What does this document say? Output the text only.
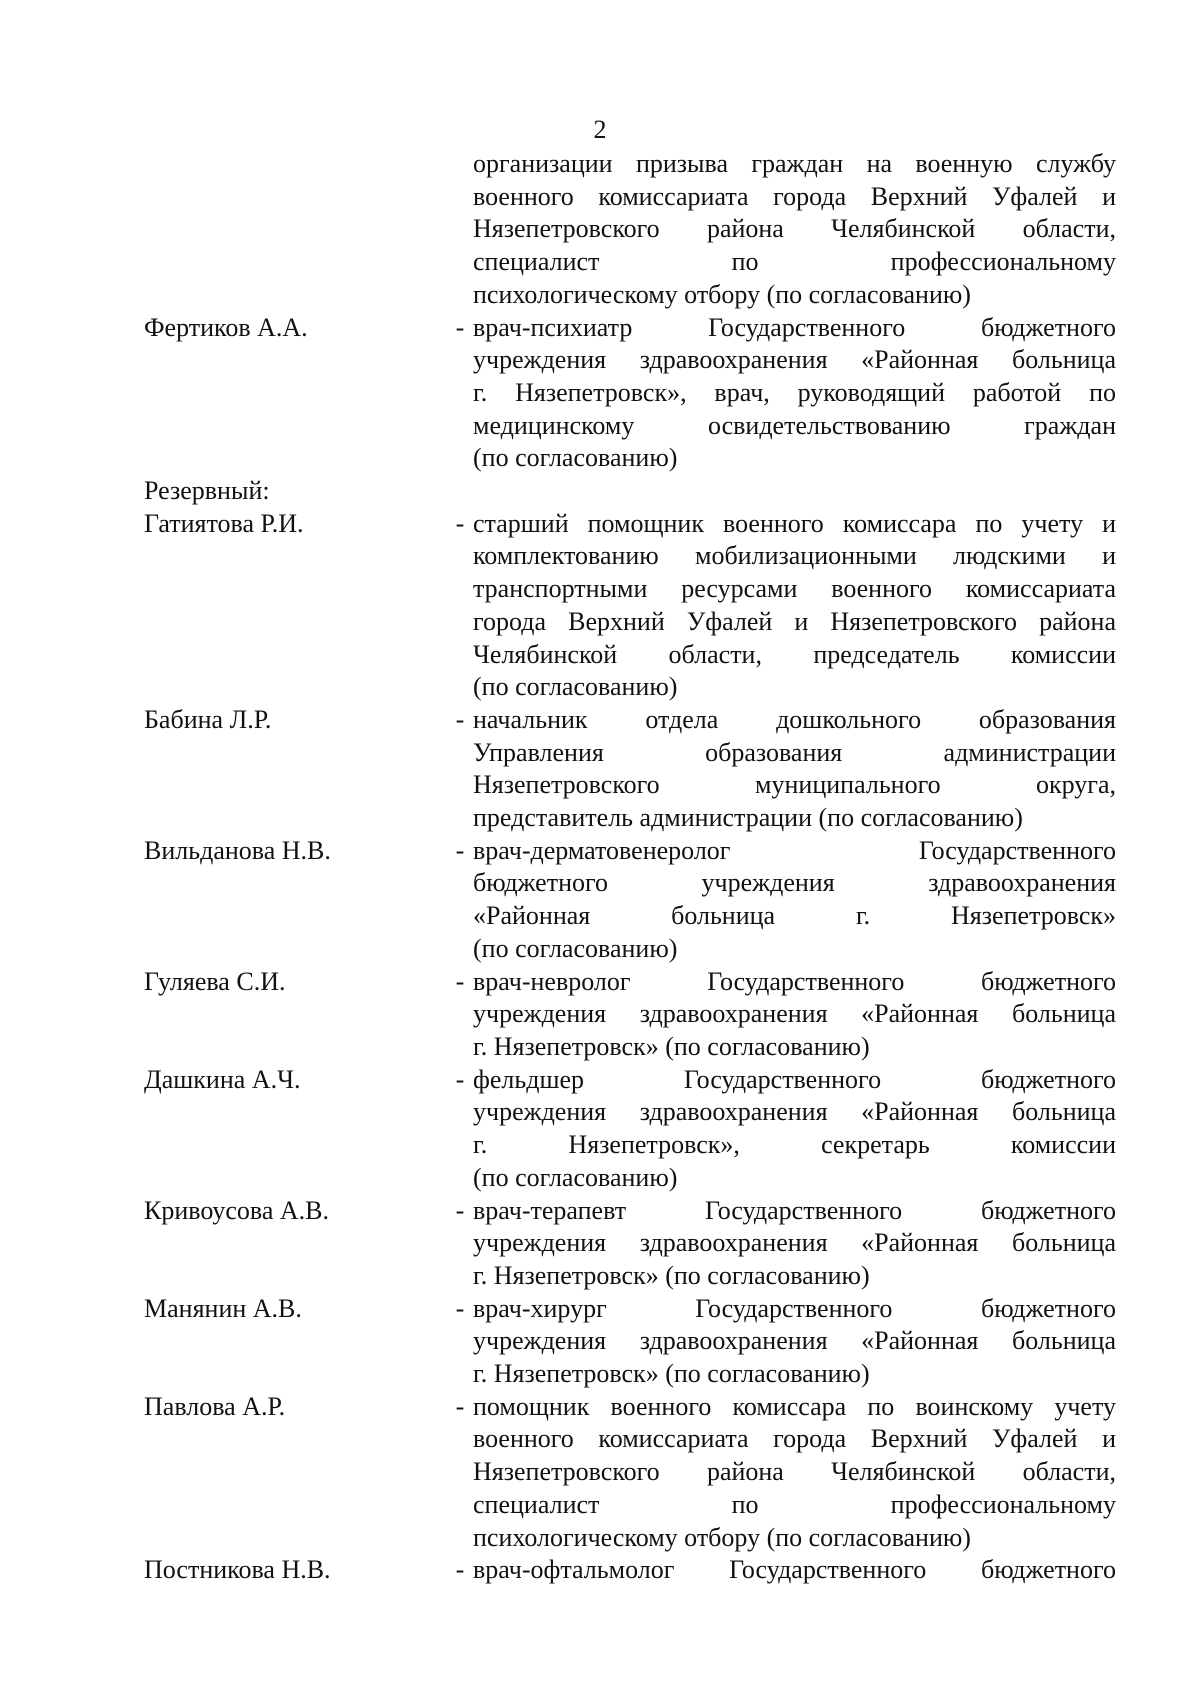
2
организации призыва граждан на военную службу
военного комиссариата города Верхний Уфалей и
Нязепетровского района Челябинской области,
специалист по профессиональному
психологическому отбору (по согласованию)
Фертиков А.А.	- врач-психиатр Государственного бюджетного
учреждения здравоохранения «Районная больница
г. Нязепетровск», врач, руководящий работой по
медицинскому освидетельствованию граждан
(по согласованию)
Резервный:
Гатиятова Р.И.	- старший помощник военного комиссара по учету и
комплектованию мобилизационными людскими и
транспортными ресурсами военного комиссариата
города Верхний Уфалей и Нязепетровского района
Челябинской области, председатель комиссии
(по согласованию)
Бабина Л.Р.	- начальник отдела дошкольного образования
Управления образования администрации
Нязепетровского муниципального округа,
представитель администрации (по согласованию)
Вильданова Н.В.	- врач-дерматовенеролог Государственного
бюджетного учреждения здравоохранения
«Районная больница г. Нязепетровск»
(по согласованию)
Гуляева С.И.	- врач-невролог Государственного бюджетного
учреждения здравоохранения «Районная больница
г. Нязепетровск» (по согласованию)
Дашкина А.Ч.	- фельдшер Государственного бюджетного
учреждения здравоохранения «Районная больница
г. Нязепетровск», секретарь комиссии
(по согласованию)
Кривоусова А.В.	- врач-терапевт Государственного бюджетного
учреждения здравоохранения «Районная больница
г. Нязепетровск» (по согласованию)
Манянин А.В.	- врач-хирург Государственного бюджетного
учреждения здравоохранения «Районная больница
г. Нязепетровск» (по согласованию)
Павлова А.Р.	- помощник военного комиссара по воинскому учету
военного комиссариата города Верхний Уфалей и
Нязепетровского района Челябинской области,
специалист по профессиональному
психологическому отбору (по согласованию)
Постникова Н.В.	- врач-офтальмолог Государственного бюджетного
